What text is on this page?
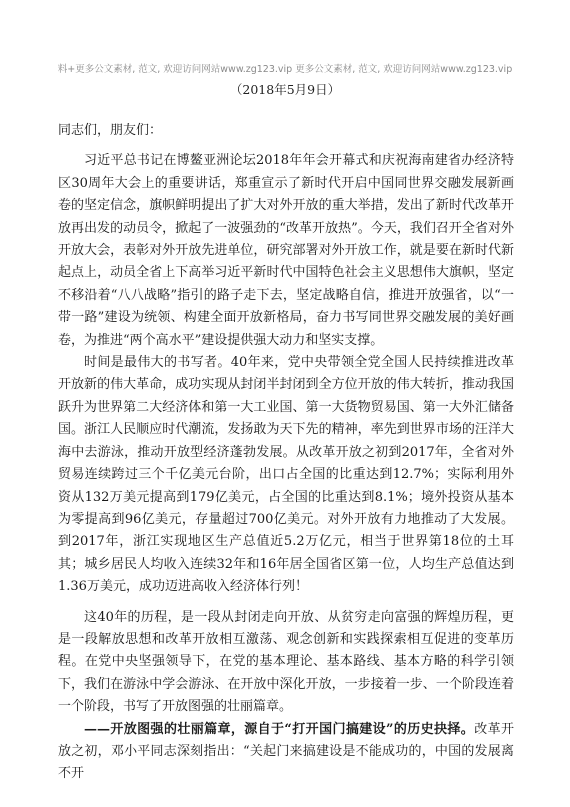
料+更多公文素材, 范文, 欢迎访问网站www.zg123.vip 更多公文素材, 范文, 欢迎访问网站www.zg123.vip
（2018年5月9日）

同志们，朋友们：

习近平总书记在博鳌亚洲论坛2018年年会开幕式和庆祝海南建省办经济特区30周年大会上的重要讲话，郑重宣示了新时代开启中国同世界交融发展新画卷的坚定信念，旗帜鲜明提出了扩大对外开放的重大举措，发出了新时代改革开放再出发的动员令，掀起了一波强劲的“改革开放热”。今天，我们召开全省对外开放大会，表彰对外开放先进单位，研究部署对外开放工作，就是要在新时代新起点上，动员全省上下高举习近平新时代中国特色社会主义思想伟大旗帜，坚定不移沿着“八八战略”指引的路子走下去，坚定战略自信，推进开放强省，以“一带一路”建设为统领、构建全面开放新格局，奋力书写同世界交融发展的美好画卷，为推进“两个高水平”建设提供强大动力和坚实支撑。

时间是最伟大的书写者。40年来，党中央带领全党全国人民持续推进改革开放新的伟大革命，成功实现从封闭半封闭到全方位开放的伟大转折，推动我国跃升为世界第二大经济体和第一大工业国、第一大货物贸易国、第一大外汇储备国。浙江人民顺应时代潮流，发扬敢为天下先的精神，率先到世界市场的汪洋大海中去游泳，推动开放型经济蓬勃发展。从改革开放之初到2017年，全省对外贸易连续跨过三个千亿美元台阶，出口占全国的比重达到12.7%；实际利用外资从132万美元提高到179亿美元，占全国的比重达到8.1%；境外投资从基本为零提高到96亿美元，存量超过700亿美元。对外开放有力地推动了大发展。到2017年，浙江实现地区生产总值近5.2万亿元，相当于世界第18位的土耳其；城乡居民人均收入连续32年和16年居全国省区第一位，人均生产总值达到1.36万美元，成功迈进高收入经济体行列！

这40年的历程，是一段从封闭走向开放、从贫穷走向富强的辉煌历程，更是一段解放思想和改革开放相互激荡、观念创新和实践探索相互促进的变革历程。在党中央坚强领导下，在党的基本理论、基本路线、基本方略的科学引领下，我们在游泳中学会游泳、在开放中深化开放，一步接着一步、一个阶段连着一个阶段，书写了开放图强的壮丽篇章。

——开放图强的壮丽篇章，源自于“打开国门搞建设”的历史抉择。改革开放之初，邓小平同志深刻指出：“关起门来搞建设是不能成功的，中国的发展离不开
